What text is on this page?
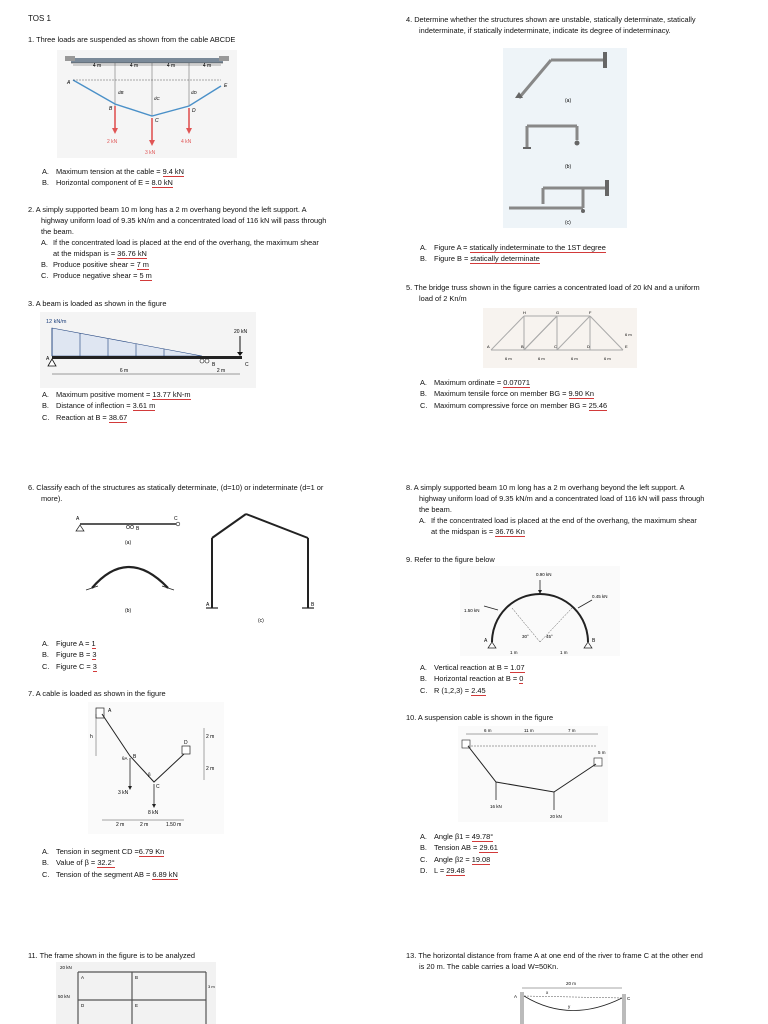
TOS 1
1. Three loads are suspended as shown from the cable ABCDE
4 m	4 m	4 m	4 m
A	E
B
C
D
dB
dC
dD
2 kN
3 kN
4 kN
A. Maximum tension at the cable = 9.4 kN
B. Horizontal component of E = 8.0 kN
2. A simply supported beam 10 m long has a 2 m overhang beyond the left support. A
highway uniform load of 9.35 kN/m and a concentrated load of 116 kN will pass through
the beam.
A. If the concentrated load is placed at the end of the overhang, the maximum shear
at the midspan is = 36.76 kN
B. Produce positive shear = 7 m
C. Produce negative shear = 5 m
3. A beam is loaded as shown in the figure
12 kN/m
20 kN
A
B	C
6 m	2 m
A. Maximum positive moment = 13.77 kN-m
B. Distance of inflection = 3.61 m
C. Reaction at B = 38.67
4. Determine whether the structures shown are unstable, statically determinate, statically
indeterminate, if statically indeterminate, indicate its degree of indeterminacy.
(a)
(b)
(c)
A. Figure A = statically indeterminate to the 1ST degree
B. Figure B = statically determinate
5. The bridge truss shown in the figure carries a concentrated load of 20 kN and a uniform
load of 2 Kn/m
A	B	C	D	E
F
G
H
6 m
6 m	6 m	6 m	6 m
A. Maximum ordinate = 0.07071
B. Maximum tensile force on member BG = 9.90 Kn
C. Maximum compressive force on member BG = 25.46
6. Classify each of the structures as statically determinate, (d=10) or indeterminate (d=1 or
more).
A
B
C
(a)
(b)
A	B
(c)
A. Figure A = 1
B. Figure B = 3
C. Figure C = 3
7. A cable is loaded as shown in the figure
A
D
B
C
θA
β
h
3 kN
8 kN
2 m
2 m
2 m	2 m	1.50 m
A. Tension in segment CD =6.79 Kn
B. Value of β = 32.2°
C. Tension of the segment AB = 6.89 kN
8. A simply supported beam 10 m long has a 2 m overhang beyond the left support. A
highway uniform load of 9.35 kN/m and a concentrated load of 116 kN will pass through
the beam.
A. If the concentrated load is placed at the end of the overhang, the maximum shear
at the midspan is = 36.76 Kn
9. Refer to the figure below
0.90 kN
1.50 kN
0.45 kN
30°	45°
A	B
1 m	1 m
A. Vertical reaction at B = 1.07
B. Horizontal reaction at B = 0
C. R (1,2,3) = 2.45
10. A suspension cable is shown in the figure
6 m	11 m	7 m
16 kN
20 kN
5 m
A. Angle β1 = 49.78°
B. Tension AB = 29.61
C. Angle β2 = 19.08
D. L = 29.48
11. The frame shown in the figure is to be analyzed
20 kN
50 kN
A	B
D	E
3 m
13. The horizontal distance from frame A at one end of the river to frame C at the other end
is 20 m. The cable carries a load W=50Kn.
20 m
A	C
x
y
